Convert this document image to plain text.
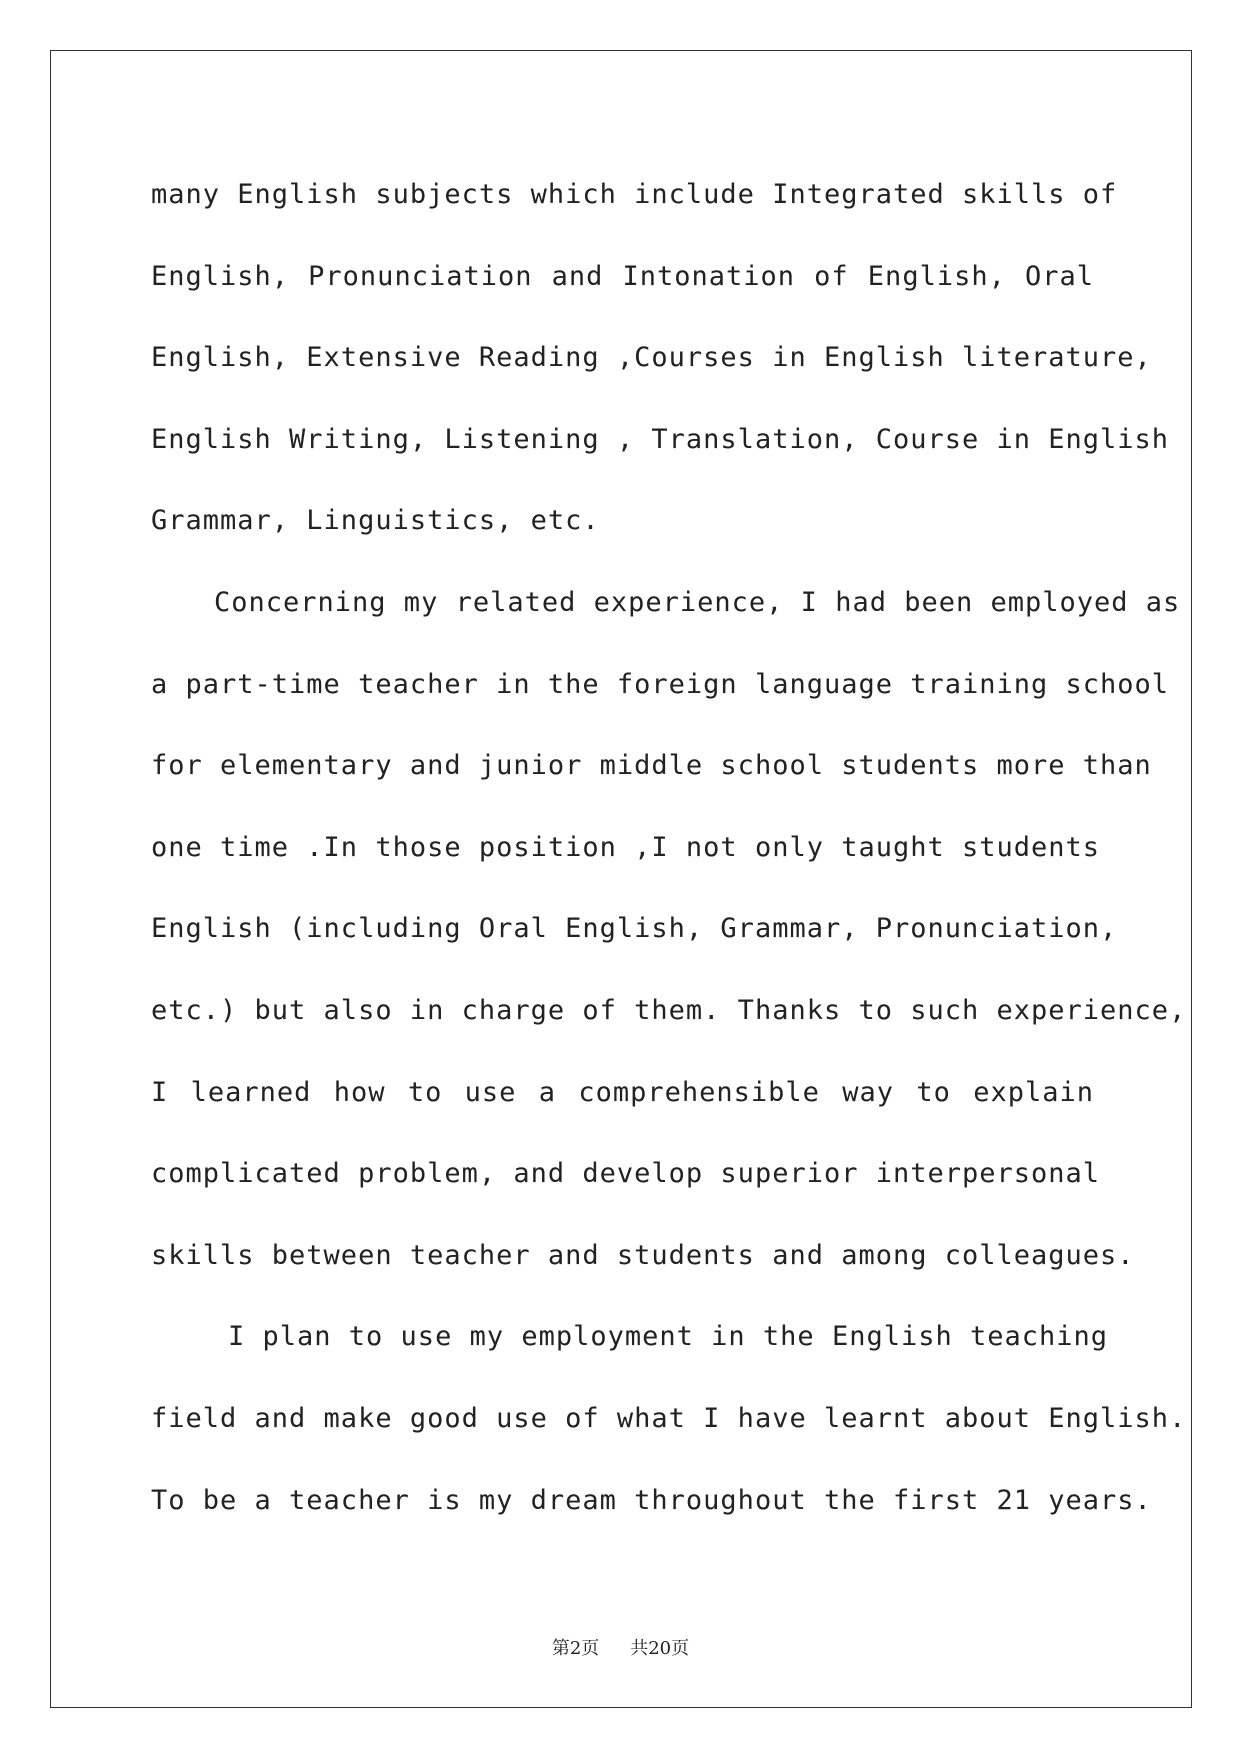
many English subjects which include Integrated skills of
English, Pronunciation and Intonation of English, Oral
English, Extensive Reading ,Courses in English literature,
English Writing, Listening , Translation, Course in English
Grammar, Linguistics, etc.
Concerning my related experience, I had been employed as
a part-time teacher in the foreign language training school
for elementary and junior middle school students more than
one time .In those position ,I not only taught students
English (including Oral English, Grammar, Pronunciation,
etc.) but also in charge of them. Thanks to such experience,
I learned how to use a comprehensible way to explain
complicated problem, and develop superior interpersonal
skills between teacher and students and among colleagues.
I plan to use my employment in the English teaching
field and make good use of what I have learnt about English.
To be a teacher is my dream throughout the first 21 years.
第2页 共20页
